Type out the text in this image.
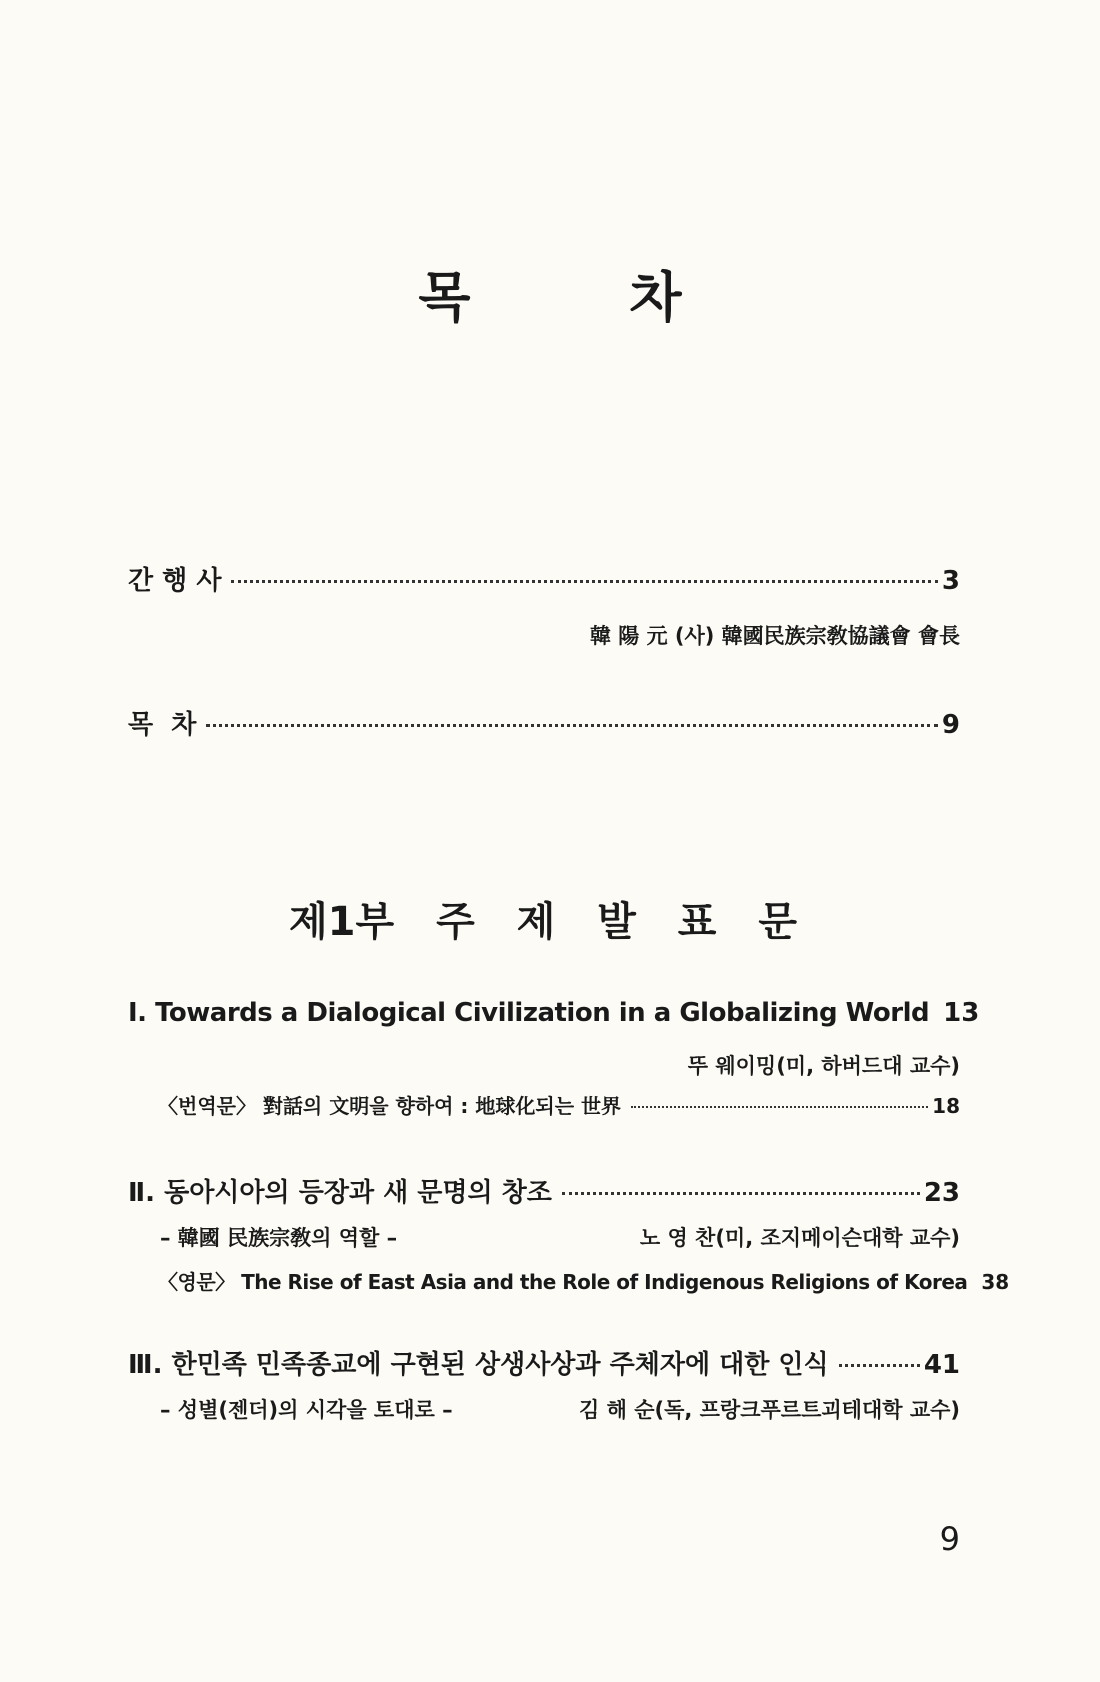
목 차
간 행 사	3
韓 陽 元 (사) 韓國民族宗敎協議會 會長
목  차	9
제1부 주 제 발 표 문
Ⅰ. Towards a Dialogical Civilization in a Globalizing World 13
뚜 웨이밍(미, 하버드대 교수)
〈번역문〉 對話의 文明을 향하여 : 地球化되는 世界	18
Ⅱ. 동아시아의 등장과 새 문명의 창조	23
– 韓國 民族宗敎의 역할 –	노 영 찬(미, 조지메이슨대학 교수)
〈영문〉 The Rise of East Asia and the Role of Indigenous Religions of Korea 38
Ⅲ. 한민족 민족종교에 구현된 상생사상과 주체자에 대한 인식	41
– 성별(젠더)의 시각을 토대로 –	김 해 순(독, 프랑크푸르트괴테대학 교수)
9
